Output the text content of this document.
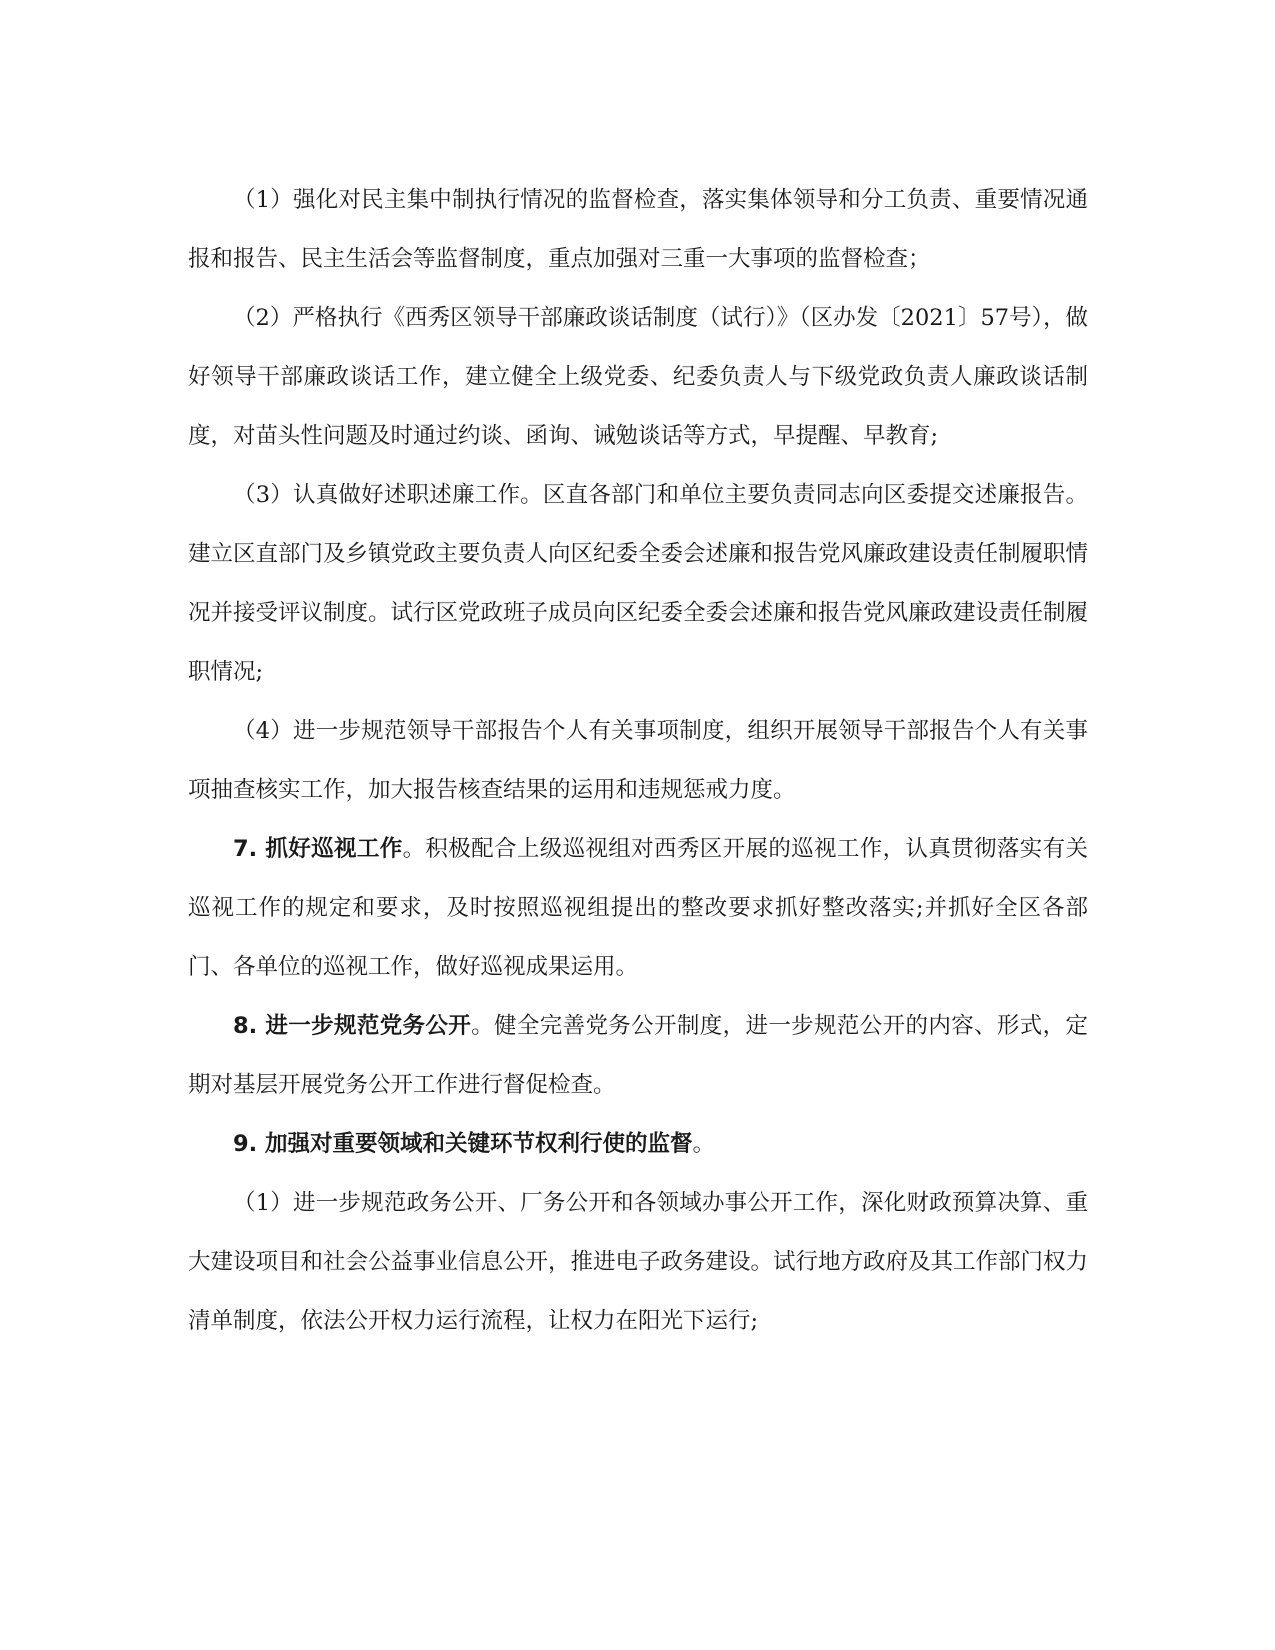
（1）强化对民主集中制执行情况的监督检查，落实集体领导和分工负责、重要情况通报和报告、民主生活会等监督制度，重点加强对三重一大事项的监督检查；

（2）严格执行《西秀区领导干部廉政谈话制度（试行）》（区办发〔2021〕57号），做好领导干部廉政谈话工作，建立健全上级党委、纪委负责人与下级党政负责人廉政谈话制度，对苗头性问题及时通过约谈、函询、诫勉谈话等方式，早提醒、早教育;

（3）认真做好述职述廉工作。区直各部门和单位主要负责同志向区委提交述廉报告。建立区直部门及乡镇党政主要负责人向区纪委全委会述廉和报告党风廉政建设责任制履职情况并接受评议制度。试行区党政班子成员向区纪委全委会述廉和报告党风廉政建设责任制履职情况;

（4）进一步规范领导干部报告个人有关事项制度，组织开展领导干部报告个人有关事项抽查核实工作，加大报告核查结果的运用和违规惩戒力度。

7. 抓好巡视工作。积极配合上级巡视组对西秀区开展的巡视工作，认真贯彻落实有关巡视工作的规定和要求，及时按照巡视组提出的整改要求抓好整改落实;并抓好全区各部门、各单位的巡视工作，做好巡视成果运用。

8. 进一步规范党务公开。健全完善党务公开制度，进一步规范公开的内容、形式，定期对基层开展党务公开工作进行督促检查。

9. 加强对重要领域和关键环节权利行使的监督。

（1）进一步规范政务公开、厂务公开和各领域办事公开工作，深化财政预算决算、重大建设项目和社会公益事业信息公开，推进电子政务建设。试行地方政府及其工作部门权力清单制度，依法公开权力运行流程，让权力在阳光下运行;
